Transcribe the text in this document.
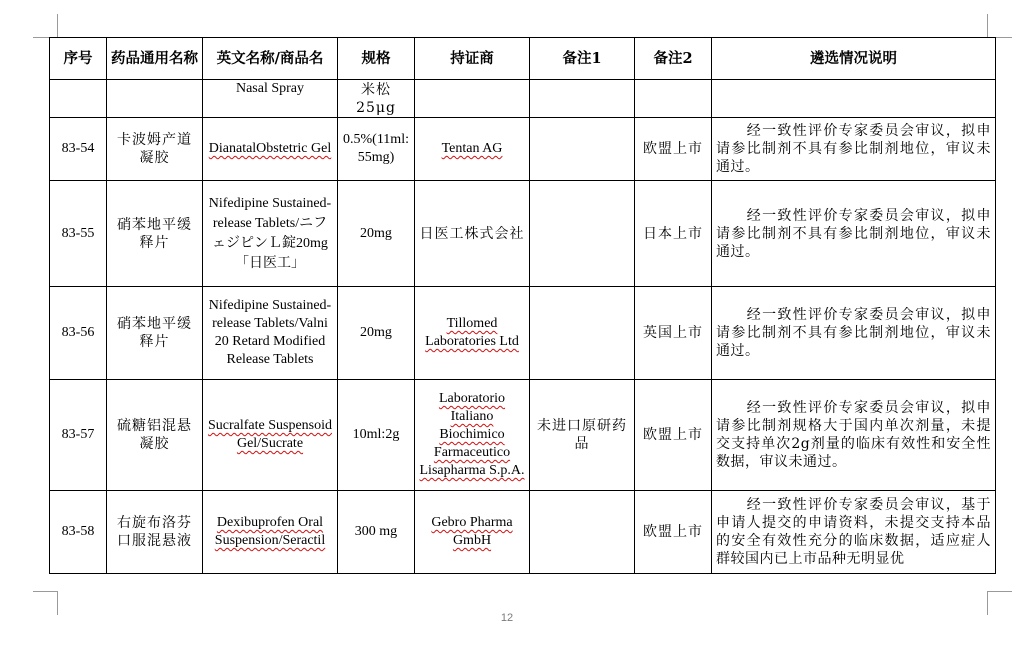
序号	药品通用名称	英文名称/商品名	规格	持证商	备注1	备注2	遴选情况说明
		Nasal Spray	米松 25μg				
83-54	卡波姆产道凝胶	DianatalObstetric Gel	0.5%(11ml:55mg)	Tentan AG		欧盟上市	经一致性评价专家委员会审议，拟申请参比制剂不具有参比制剂地位，审议未通过。

83-55	硝苯地平缓释片	Nifedipine Sustained-release Tablets/ニフェジピンＬ錠20mg「日医工」	20mg	日医工株式会社		日本上市	经一致性评价专家委员会审议，拟申请参比制剂不具有参比制剂地位，审议未通过。

83-56	硝苯地平缓释片	Nifedipine Sustained-release Tablets/Valni 20 Retard Modified Release Tablets	20mg	Tillomed Laboratories Ltd		英国上市	经一致性评价专家委员会审议，拟申请参比制剂不具有参比制剂地位，审议未通过。

83-57	硫糖铝混悬凝胶	Sucralfate Suspensoid Gel/Sucrate	10ml:2g	Laboratorio Italiano Biochimico Farmaceutico Lisapharma S.p.A.	未进口原研药品	欧盟上市	经一致性评价专家委员会审议，拟申请参比制剂规格大于国内单次剂量，未提交支持单次2g剂量的临床有效性和安全性数据，审议未通过。

83-58	右旋布洛芬口服混悬液	Dexibuprofen Oral Suspension/Seractil	300 mg	Gebro Pharma GmbH		欧盟上市	经一致性评价专家委员会审议，基于申请人提交的申请资料，未提交支持本品的安全有效性充分的临床数据，适应症人群较国内已上市品种无明显优
12
